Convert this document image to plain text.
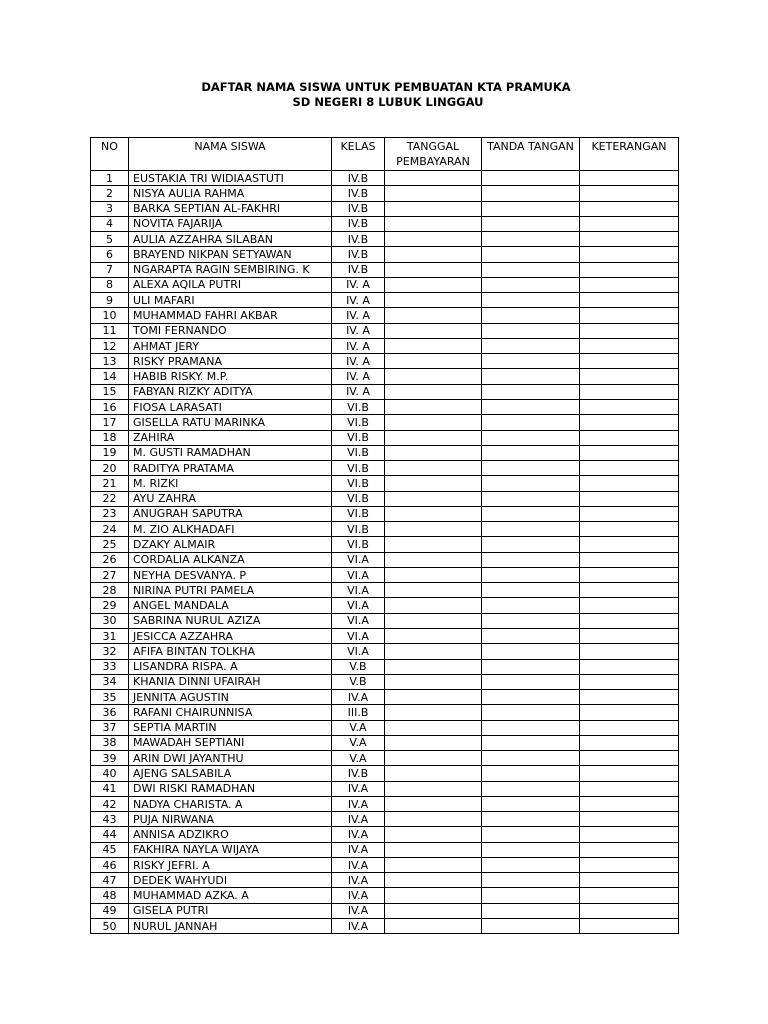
DAFTAR NAMA SISWA UNTUK PEMBUATAN KTA PRAMUKA
SD NEGERI 8 LUBUK LINGGAU
NO	NAMA SISWA	KELAS	TANGGAL PEMBAYARAN	TANDA TANGAN	KETERANGAN
1	EUSTAKIA TRI WIDIAASTUTI	IV.B			
2	NISYA AULIA RAHMA	IV.B			
3	BARKA SEPTIAN AL-FAKHRI	IV.B			
4	NOVITA FAJARIJA	IV.B			
5	AULIA AZZAHRA SILABAN	IV.B			
6	BRAYEND NIKPAN SETYAWAN	IV.B			
7	NGARAPTA RAGIN SEMBIRING. K	IV.B			
8	ALEXA AQILA PUTRI	IV. A			
9	ULI MAFARI	IV. A			
10	MUHAMMAD FAHRI AKBAR	IV. A			
11	TOMI FERNANDO	IV. A			
12	AHMAT JERY	IV. A			
13	RISKY PRAMANA	IV. A			
14	HABIB RISKY. M.P.	IV. A			
15	FABYAN RIZKY ADITYA	IV. A			
16	FIOSA LARASATI	VI.B			
17	GISELLA RATU MARINKA	VI.B			
18	ZAHIRA	VI.B			
19	M. GUSTI RAMADHAN	VI.B			
20	RADITYA PRATAMA	VI.B			
21	M. RIZKI	VI.B			
22	AYU ZAHRA	VI.B			
23	ANUGRAH SAPUTRA	VI.B			
24	M. ZIO ALKHADAFI	VI.B			
25	DZAKY ALMAIR	VI.B			
26	CORDALIA ALKANZA	VI.A			
27	NEYHA DESVANYA. P	VI.A			
28	NIRINA PUTRI PAMELA	VI.A			
29	ANGEL MANDALA	VI.A			
30	SABRINA NURUL AZIZA	VI.A			
31	JESICCA AZZAHRA	VI.A			
32	AFIFA BINTAN TOLKHA	VI.A			
33	LISANDRA RISPA. A	V.B			
34	KHANIA DINNI UFAIRAH	V.B			
35	JENNITA AGUSTIN	IV.A			
36	RAFANI CHAIRUNNISA	III.B			
37	SEPTIA MARTIN	V.A			
38	MAWADAH SEPTIANI	V.A			
39	ARIN DWI JAYANTHU	V.A			
40	AJENG SALSABILA	IV.B			
41	DWI RISKI RAMADHAN	IV.A			
42	NADYA CHARISTA. A	IV.A			
43	PUJA NIRWANA	IV.A			
44	ANNISA ADZIKRO	IV.A			
45	FAKHIRA NAYLA WIJAYA	IV.A			
46	RISKY JEFRI. A	IV.A			
47	DEDEK WAHYUDI	IV.A			
48	MUHAMMAD AZKA. A	IV.A			
49	GISELA PUTRI	IV.A			
50	NURUL JANNAH	IV.A			
